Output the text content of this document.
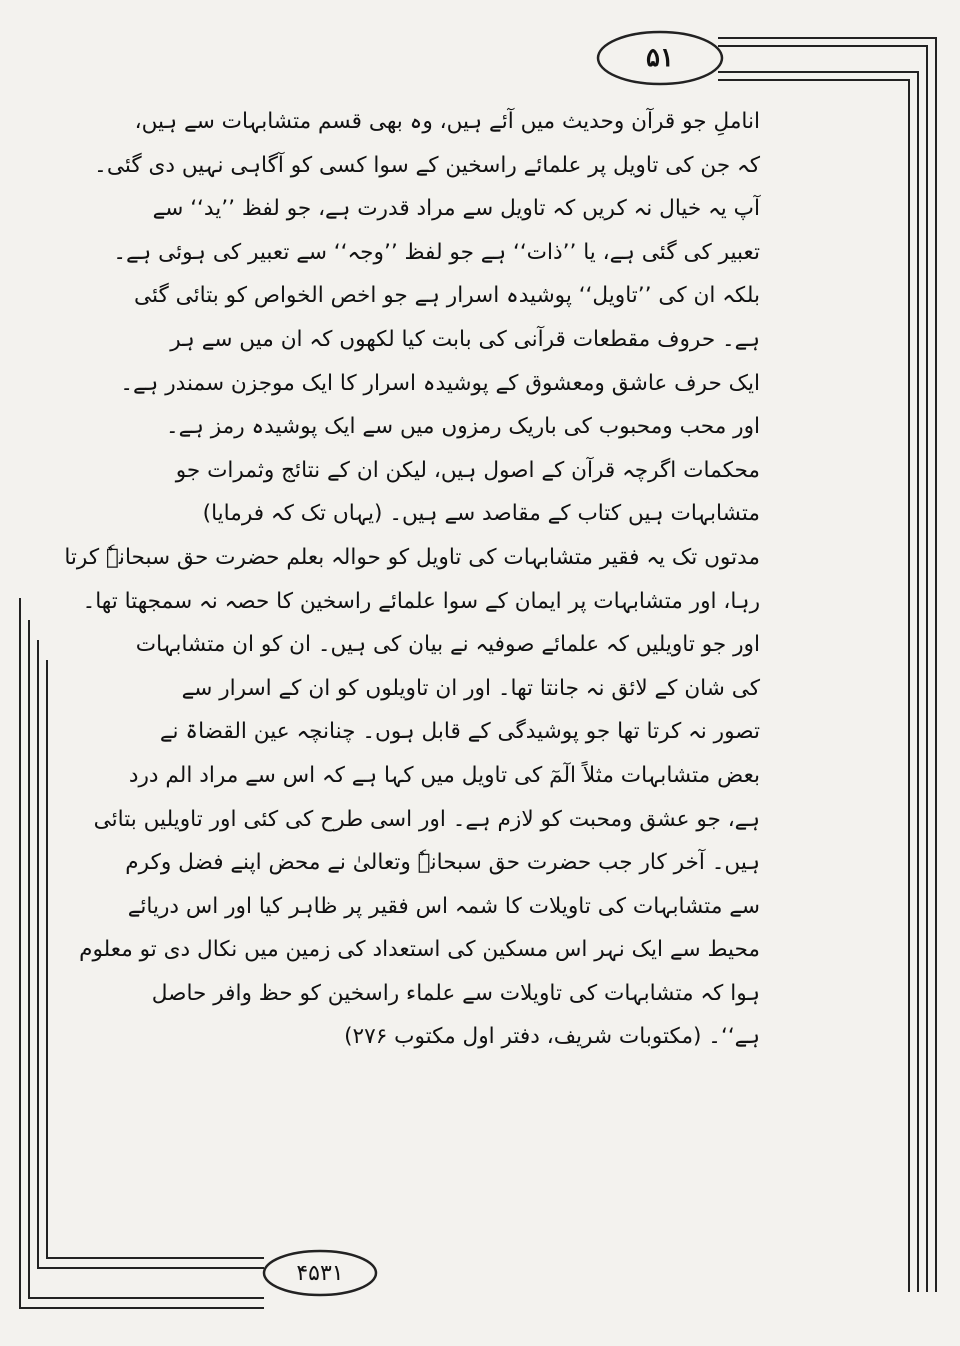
۵۱
۴۵۳۱
اناملِ جو قرآن وحدیث میں آئے ہیں، وہ بھی قسم متشابہات سے ہیں،
کہ جن کی تاویل پر علمائے راسخین کے سوا کسی کو آگاہی نہیں دی گئی۔
آپ یہ خیال نہ کریں کہ تاویل سے مراد قدرت ہے، جو لفظ ’’ید‘‘ سے
تعبیر کی گئی ہے، یا ’’ذات‘‘ ہے جو لفظ ’’وجہ‘‘ سے تعبیر کی ہوئی ہے۔
بلکہ ان کی ’’تاویل‘‘ پوشیدہ اسرار ہے جو اخص الخواص کو بتائی گئی
ہے۔ حروف مقطعات قرآنی کی بابت کیا لکھوں کہ ان میں سے ہر
ایک حرف عاشق ومعشوق کے پوشیدہ اسرار کا ایک موجزن سمندر ہے۔
اور محب ومحبوب کی باریک رمزوں میں سے ایک پوشیدہ رمز ہے۔
محکمات اگرچہ قرآن کے اصول ہیں، لیکن ان کے نتائج وثمرات جو
متشابہات ہیں کتاب کے مقاصد سے ہیں۔ (یہاں تک کہ فرمایا)
مدتوں تک یہ فقیر متشابہات کی تاویل کو حوالہ بعلم حضرت حق سبحانہٗ کرتا
رہا، اور متشابہات پر ایمان کے سوا علمائے راسخین کا حصہ نہ سمجھتا تھا۔
اور جو تاویلیں کہ علمائے صوفیہ نے بیان کی ہیں۔ ان کو ان متشابہات
کی شان کے لائق نہ جانتا تھا۔ اور ان تاویلوں کو ان کے اسرار سے
تصور نہ کرتا تھا جو پوشیدگی کے قابل ہوں۔ چنانچہ عین القضاۃ نے
بعض متشابہات مثلاً الٓمٓ کی تاویل میں کہا ہے کہ اس سے مراد الم درد
ہے، جو عشق ومحبت کو لازم ہے۔ اور اسی طرح کی کئی اور تاویلیں بتائی
ہیں۔ آخر کار جب حضرت حق سبحانہٗ وتعالیٰ نے محض اپنے فضل وکرم
سے متشابہات کی تاویلات کا شمہ اس فقیر پر ظاہر کیا اور اس دریائے
محیط سے ایک نہر اس مسکین کی استعداد کی زمین میں نکال دی تو معلوم
ہوا کہ متشابہات کی تاویلات سے علماء راسخین کو حظ وافر حاصل
ہے‘‘۔ (مکتوبات شریف، دفتر اول مکتوب ۲۷۶)
